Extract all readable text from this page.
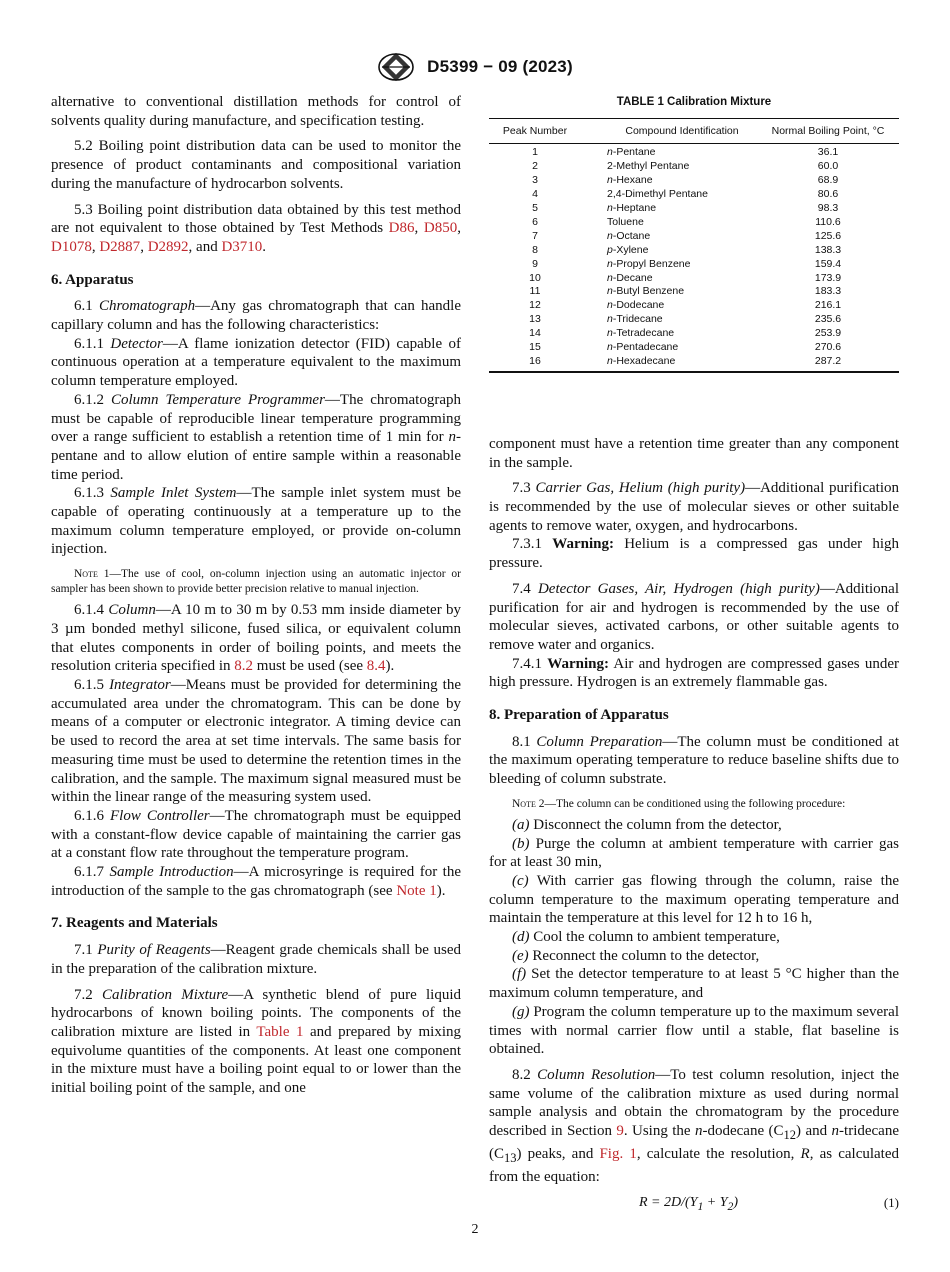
D5399 − 09 (2023)

alternative to conventional distillation methods for control of solvents quality during manufacture, and specification testing.

5.2 Boiling point distribution data can be used to monitor the presence of product contaminants and compositional variation during the manufacture of hydrocarbon solvents.

5.3 Boiling point distribution data obtained by this test method are not equivalent to those obtained by Test Methods D86, D850, D1078, D2887, D2892, and D3710.

6. Apparatus

6.1 Chromatograph—Any gas chromatograph that can handle capillary column and has the following characteristics:

6.1.1 Detector—A flame ionization detector (FID) capable of continuous operation at a temperature equivalent to the maximum column temperature employed.

6.1.2 Column Temperature Programmer—The chromatograph must be capable of reproducible linear temperature programming over a range sufficient to establish a retention time of 1 min for n-pentane and to allow elution of entire sample within a reasonable time period.

6.1.3 Sample Inlet System—The sample inlet system must be capable of operating continuously at a temperature up to the maximum column temperature employed, or provide on-column injection.

Note 1—The use of cool, on-column injection using an automatic injector or sampler has been shown to provide better precision relative to manual injection.

6.1.4 Column—A 10 m to 30 m by 0.53 mm inside diameter by 3 µm bonded methyl silicone, fused silica, or equivalent column that elutes components in order of boiling points, and meets the resolution criteria specified in 8.2 must be used (see 8.4).

6.1.5 Integrator—Means must be provided for determining the accumulated area under the chromatogram. This can be done by means of a computer or electronic integrator. A timing device can be used to record the area at set time intervals. The same basis for measuring time must be used to determine the retention times in the calibration, and the sample. The maximum signal measured must be within the linear range of the measuring system used.

6.1.6 Flow Controller—The chromatograph must be equipped with a constant-flow device capable of maintaining the carrier gas at a constant flow rate throughout the temperature program.

6.1.7 Sample Introduction—A microsyringe is required for the introduction of the sample to the gas chromatograph (see Note 1).

7. Reagents and Materials

7.1 Purity of Reagents—Reagent grade chemicals shall be used in the preparation of the calibration mixture.

7.2 Calibration Mixture—A synthetic blend of pure liquid hydrocarbons of known boiling points. The components of the calibration mixture are listed in Table 1 and prepared by mixing equivolume quantities of the components. At least one component in the mixture must have a boiling point equal to or lower than the initial boiling point of the sample, and one

TABLE 1 Calibration Mixture
Peak Number	Compound Identification	Normal Boiling Point, °C
1	n-Pentane	36.1
2	2-Methyl Pentane	60.0
3	n-Hexane	68.9
4	2,4-Dimethyl Pentane	80.6
5	n-Heptane	98.3
6	Toluene	110.6
7	n-Octane	125.6
8	p-Xylene	138.3
9	n-Propyl Benzene	159.4
10	n-Decane	173.9
11	n-Butyl Benzene	183.3
12	n-Dodecane	216.1
13	n-Tridecane	235.6
14	n-Tetradecane	253.9
15	n-Pentadecane	270.6
16	n-Hexadecane	287.2

component must have a retention time greater than any component in the sample.

7.3 Carrier Gas, Helium (high purity)—Additional purification is recommended by the use of molecular sieves or other suitable agents to remove water, oxygen, and hydrocarbons.

7.3.1 Warning: Helium is a compressed gas under high pressure.

7.4 Detector Gases, Air, Hydrogen (high purity)—Additional purification for air and hydrogen is recommended by the use of molecular sieves, activated carbons, or other suitable agents to remove water and organics.

7.4.1 Warning: Air and hydrogen are compressed gases under high pressure. Hydrogen is an extremely flammable gas.

8. Preparation of Apparatus

8.1 Column Preparation—The column must be conditioned at the maximum operating temperature to reduce baseline shifts due to bleeding of column substrate.

Note 2—The column can be conditioned using the following procedure:

(a) Disconnect the column from the detector,

(b) Purge the column at ambient temperature with carrier gas for at least 30 min,

(c) With carrier gas flowing through the column, raise the column temperature to the maximum operating temperature and maintain the temperature at this level for 12 h to 16 h,

(d) Cool the column to ambient temperature,

(e) Reconnect the column to the detector,

(f) Set the detector temperature to at least 5 °C higher than the maximum column temperature, and

(g) Program the column temperature up to the maximum several times with normal carrier flow until a stable, flat baseline is obtained.

8.2 Column Resolution—To test column resolution, inject the same volume of the calibration mixture as used during normal sample analysis and obtain the chromatogram by the procedure described in Section 9. Using the n-dodecane $(C_{12})$ and n-tridecane $(C_{13})$ peaks, and Fig. 1, calculate the resolution, R, as calculated from the equation:

$R = 2D/(Y_1 + Y_2)$	(1)
2
